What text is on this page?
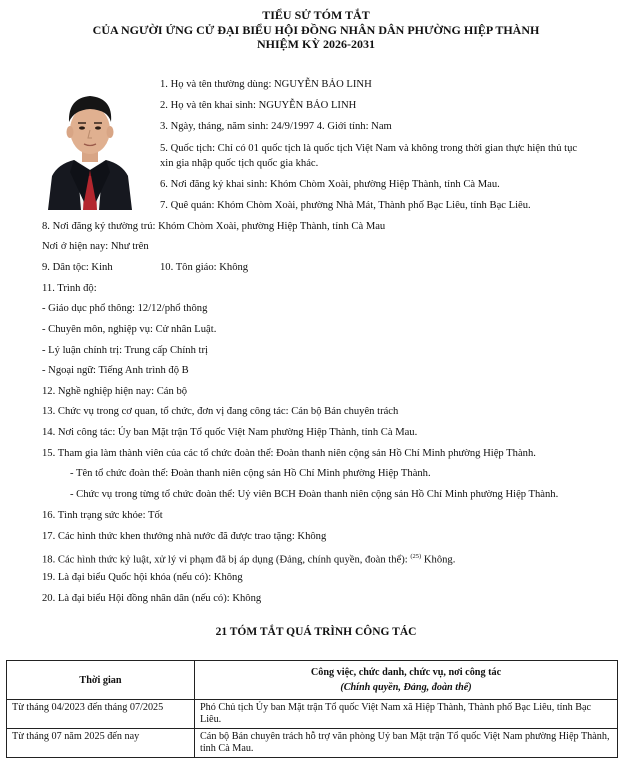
TIỂU SỬ TÓM TẮT
CỦA NGƯỜI ỨNG CỬ ĐẠI BIỂU HỘI ĐỒNG NHÂN DÂN PHƯỜNG HIỆP THÀNH
NHIỆM KỲ 2026-2031
1. Họ và tên thường dùng: NGUYỄN BẢO LINH
2. Họ và tên khai sinh: NGUYỄN BẢO LINH
3. Ngày, tháng, năm sinh: 24/9/1997 4. Giới tính: Nam
5. Quốc tịch: Chỉ có 01 quốc tịch là quốc tịch Việt Nam và không trong thời gian thực hiện thủ tục
xin gia nhập quốc tịch quốc gia khác.
6. Nơi đăng ký khai sinh: Khóm Chòm Xoài, phường Hiệp Thành, tỉnh Cà Mau.
7. Quê quán: Khóm Chòm Xoài, phường Nhà Mát, Thành phố Bạc Liêu, tỉnh Bạc Liêu.
8. Nơi đăng ký thường trú: Khóm Chòm Xoài, phường Hiệp Thành, tỉnh Cà Mau
Nơi ở hiện nay: Như trên
9. Dân tộc: Kinh	10. Tôn giáo: Không
11. Trình độ:
- Giáo dục phổ thông: 12/12/phổ thông
- Chuyên môn, nghiệp vụ: Cử nhân Luật.
- Lý luận chính trị: Trung cấp Chính trị
- Ngoại ngữ: Tiếng Anh trình độ B
12. Nghề nghiệp hiện nay: Cán bộ
13. Chức vụ trong cơ quan, tổ chức, đơn vị đang công tác: Cán bộ Bán chuyên trách
14. Nơi công tác: Ủy ban Mặt trận Tổ quốc Việt Nam phường Hiệp Thành, tỉnh Cà Mau.
15. Tham gia làm thành viên của các tổ chức đoàn thể: Đoàn thanh niên cộng sản Hồ Chí Minh phường Hiệp Thành.
- Tên tổ chức đoàn thể: Đoàn thanh niên cộng sản Hồ Chí Minh phường Hiệp Thành.
- Chức vụ trong từng tổ chức đoàn thể: Uỷ viên BCH Đoàn thanh niên cộng sản Hồ Chí Minh phường Hiệp Thành.
16. Tình trạng sức khỏe: Tốt
17. Các hình thức khen thưởng nhà nước đã được trao tặng: Không
18. Các hình thức kỷ luật, xử lý vi phạm đã bị áp dụng (Đảng, chính quyền, đoàn thể): $^{(25)}$ Không.
19. Là đại biểu Quốc hội khóa (nếu có): Không
20. Là đại biểu Hội đồng nhân dân (nếu có): Không
21 TÓM TẮT QUÁ TRÌNH CÔNG TÁC
Thời gian	Công việc, chức danh, chức vụ, nơi công tác
(Chính quyền, Đảng, đoàn thể)

Từ tháng 04/2023 đến tháng 07/2025	Phó Chủ tịch Ủy ban Mặt trận Tổ quốc Việt Nam xã Hiệp Thành, Thành phố Bạc Liêu, tỉnh Bạc Liêu.
Từ tháng 07 năm 2025 đến nay	Cán bộ Bán chuyên trách hỗ trợ văn phòng Uỷ ban Mặt trận Tổ quốc Việt Nam phường Hiệp Thành, tỉnh Cà Mau.
